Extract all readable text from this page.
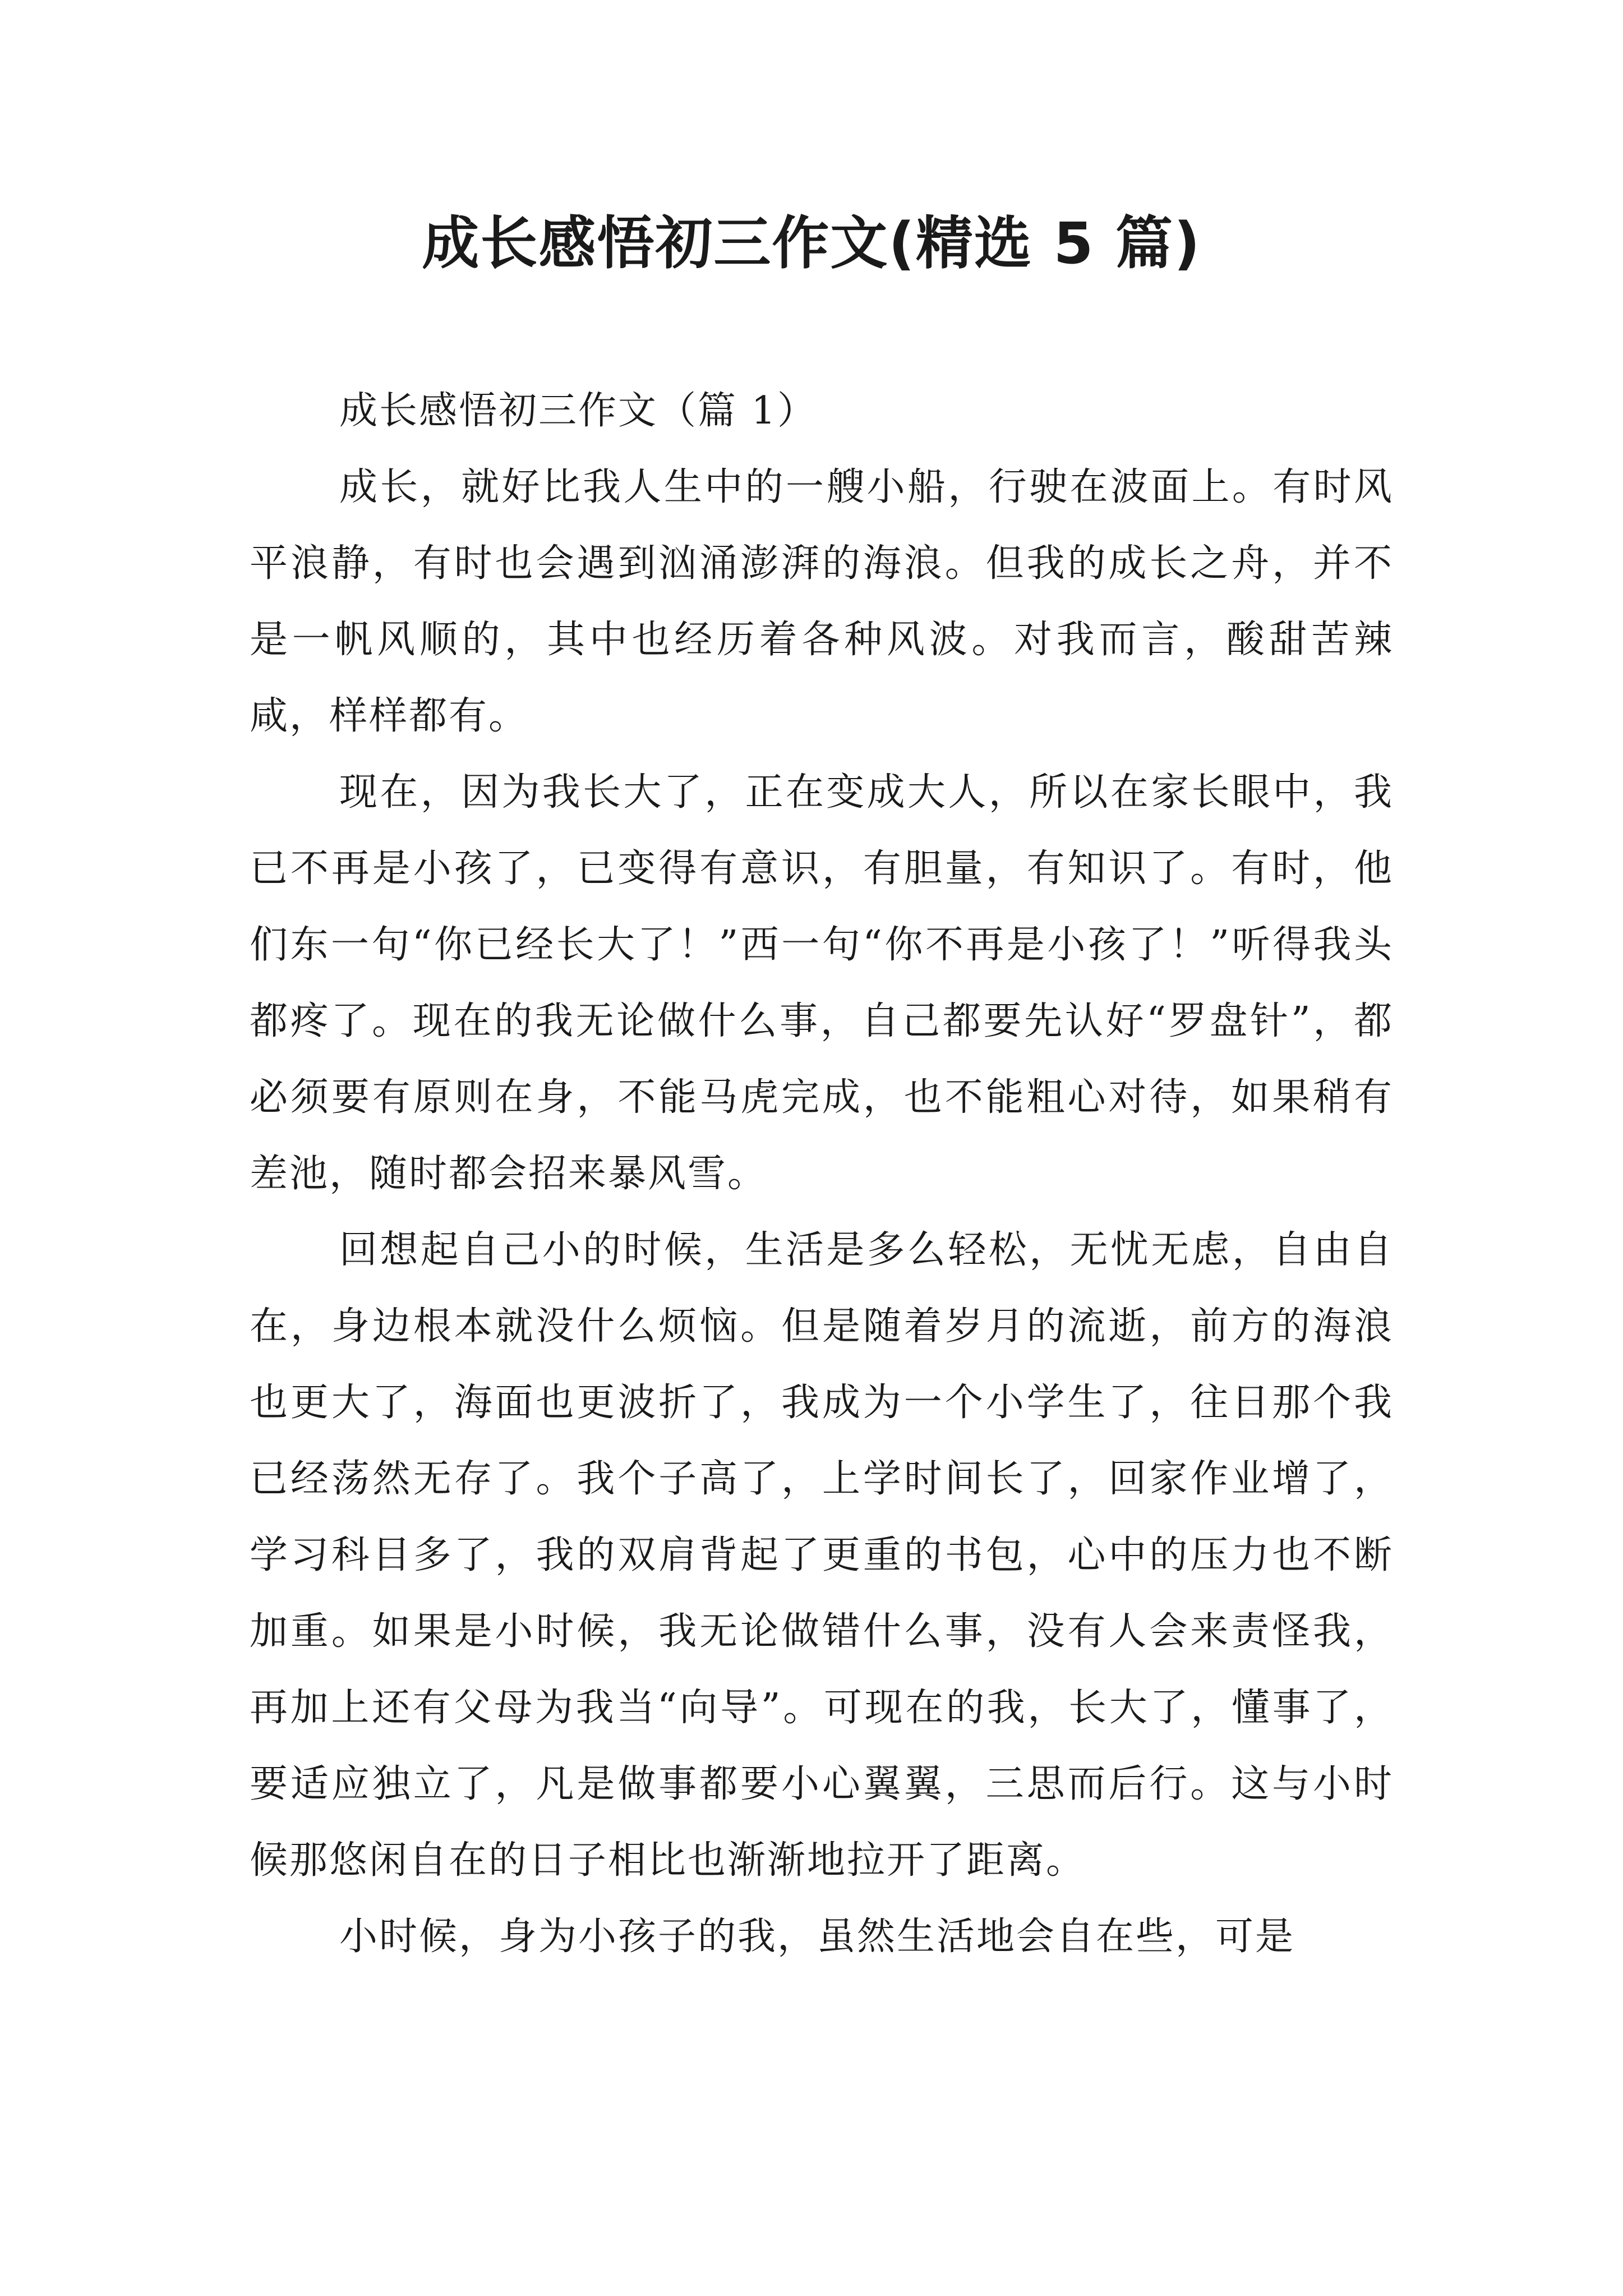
成长感悟初三作文(精选 5 篇)

成长感悟初三作文（篇 1）

成长，就好比我人生中的一艘小船，行驶在波面上。有时风平浪静，有时也会遇到汹涌澎湃的海浪。但我的成长之舟，并不是一帆风顺的，其中也经历着各种风波。对我而言，酸甜苦辣咸，样样都有。

现在，因为我长大了，正在变成大人，所以在家长眼中，我已不再是小孩了，已变得有意识，有胆量，有知识了。有时，他们东一句“你已经长大了！”西一句“你不再是小孩了！”听得我头都疼了。现在的我无论做什么事，自己都要先认好“罗盘针”，都必须要有原则在身，不能马虎完成，也不能粗心对待，如果稍有差池，随时都会招来暴风雪。

回想起自己小的时候，生活是多么轻松，无忧无虑，自由自在，身边根本就没什么烦恼。但是随着岁月的流逝，前方的海浪也更大了，海面也更波折了，我成为一个小学生了，往日那个我已经荡然无存了。我个子高了，上学时间长了，回家作业增了，学习科目多了，我的双肩背起了更重的书包，心中的压力也不断加重。如果是小时候，我无论做错什么事，没有人会来责怪我，再加上还有父母为我当“向导”。可现在的我，长大了，懂事了，要适应独立了，凡是做事都要小心翼翼，三思而后行。这与小时候那悠闲自在的日子相比也渐渐地拉开了距离。

小时候，身为小孩子的我，虽然生活地会自在些，可是
